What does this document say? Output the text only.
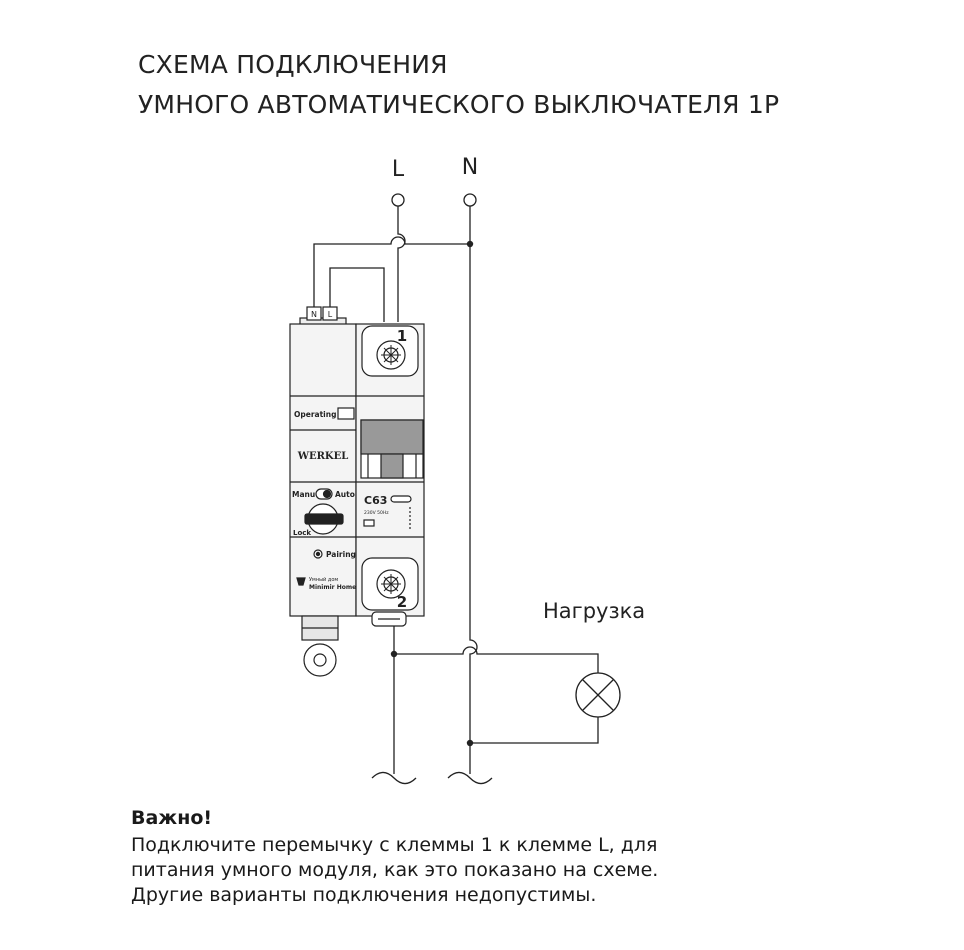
СХЕМА ПОДКЛЮЧЕНИЯ
УМНОГО АВТОМАТИЧЕСКОГО ВЫКЛЮЧАТЕЛЯ 1P
L	N
Нагрузка
N L
1
2
Operating
WERKEL
Manu	Auto
Lock
C63
230V 50Hz
Pairing
Умный дом
Minimir Home
Важно!
Подключите перемычку с клеммы 1 к клемме L, для
питания умного модуля, как это показано на схеме.
Другие варианты подключения недопустимы.
